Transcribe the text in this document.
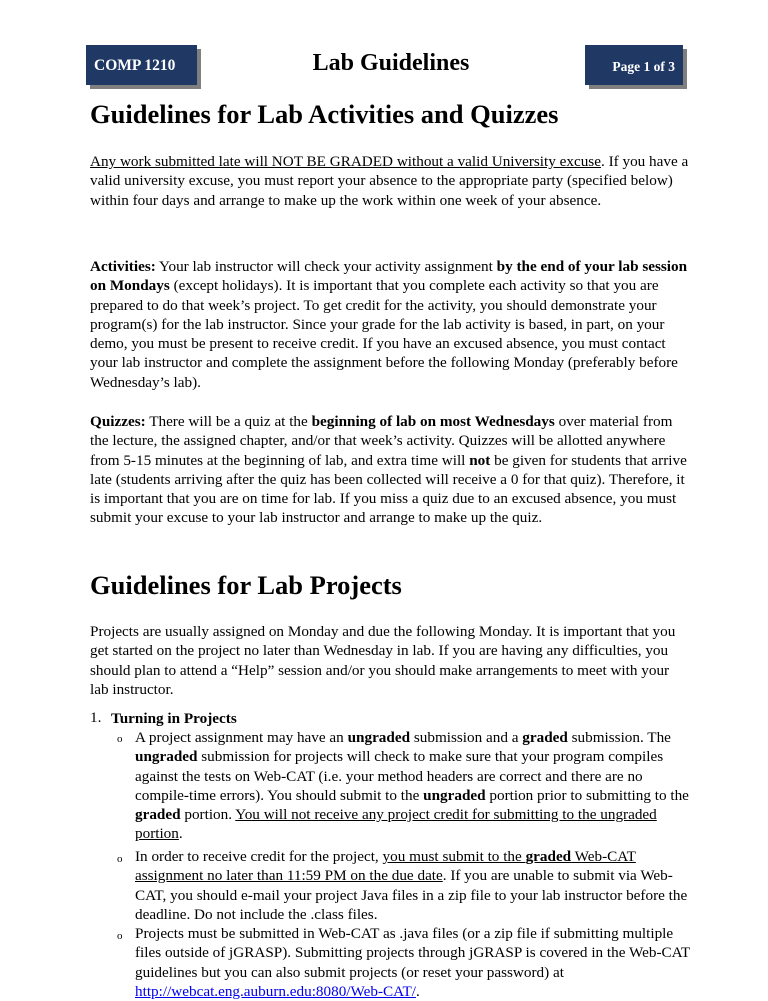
COMP 1210	Lab Guidelines	Page 1 of 3
Guidelines for Lab Activities and Quizzes
Any work submitted late will NOT BE GRADED without a valid University excuse. If you have a valid university excuse, you must report your absence to the appropriate party (specified below) within four days and arrange to make up the work within one week of your absence.
Activities: Your lab instructor will check your activity assignment by the end of your lab session on Mondays (except holidays). It is important that you complete each activity so that you are prepared to do that week’s project. To get credit for the activity, you should demonstrate your program(s) for the lab instructor. Since your grade for the lab activity is based, in part, on your demo, you must be present to receive credit. If you have an excused absence, you must contact your lab instructor and complete the assignment before the following Monday (preferably before Wednesday’s lab).
Quizzes: There will be a quiz at the beginning of lab on most Wednesdays over material from the lecture, the assigned chapter, and/or that week’s activity. Quizzes will be allotted anywhere from 5-15 minutes at the beginning of lab, and extra time will not be given for students that arrive late (students arriving after the quiz has been collected will receive a 0 for that quiz). Therefore, it is important that you are on time for lab. If you miss a quiz due to an excused absence, you must submit your excuse to your lab instructor and arrange to make up the quiz.
Guidelines for Lab Projects
Projects are usually assigned on Monday and due the following Monday. It is important that you get started on the project no later than Wednesday in lab. If you are having any difficulties, you should plan to attend a “Help” session and/or you should make arrangements to meet with your lab instructor.
1. Turning in Projects
o A project assignment may have an ungraded submission and a graded submission. The ungraded submission for projects will check to make sure that your program compiles against the tests on Web-CAT (i.e. your method headers are correct and there are no compile-time errors). You should submit to the ungraded portion prior to submitting to the graded portion. You will not receive any project credit for submitting to the ungraded portion.
o In order to receive credit for the project, you must submit to the graded Web-CAT assignment no later than 11:59 PM on the due date. If you are unable to submit via Web-CAT, you should e-mail your project Java files in a zip file to your lab instructor before the deadline. Do not include the .class files.
o Projects must be submitted in Web-CAT as .java files (or a zip file if submitting multiple files outside of jGRASP). Submitting projects through jGRASP is covered in the Web-CAT guidelines but you can also submit projects (or reset your password) at http://webcat.eng.auburn.edu:8080/Web-CAT/.
